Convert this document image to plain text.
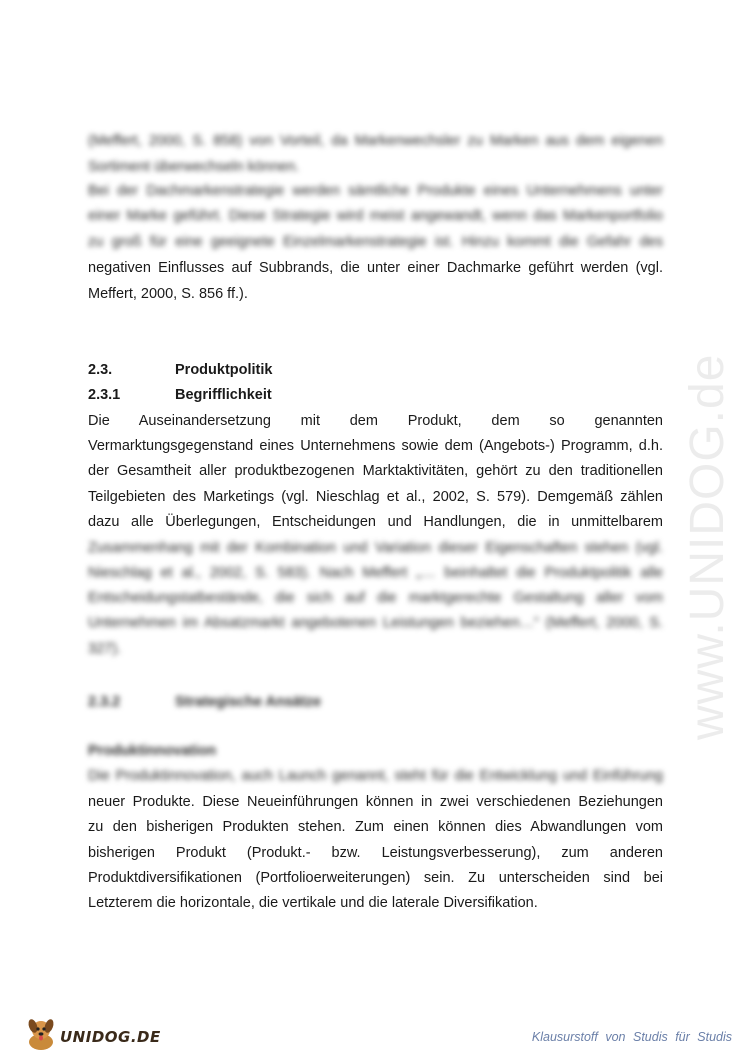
www.UNIDOG.de
(Meffert, 2000, S. 858) von Vorteil, da Markenwechsler zu Marken aus dem eigenen
Sortiment überwechseln können.
Bei der Dachmarkenstrategie werden sämtliche Produkte eines Unternehmens unter
einer Marke geführt. Diese Strategie wird meist angewandt, wenn das Markenportfolio
zu groß für eine geeignete Einzelmarkenstrategie ist. Hinzu kommt die Gefahr des
negativen Einflusses auf Subbrands, die unter einer Dachmarke geführt werden (vgl.
Meffert, 2000, S. 856 ff.).
2.3.	Produktpolitik
2.3.1	Begrifflichkeit
Die Auseinandersetzung mit dem Produkt, dem so genannten
Vermarktungsgegenstand eines Unternehmens sowie dem (Angebots-) Programm, d.h.
der Gesamtheit aller produktbezogenen Marktaktivitäten, gehört zu den traditionellen
Teilgebieten des Marketings (vgl. Nieschlag et al., 2002, S. 579). Demgemäß zählen
dazu alle Überlegungen, Entscheidungen und Handlungen, die in unmittelbarem
Zusammenhang mit der Kombination und Variation dieser Eigenschaften stehen (vgl.
Nieschlag et al., 2002, S. 583). Nach Meffert „… beinhaltet die Produktpolitik alle
Entscheidungstatbestände, die sich auf die marktgerechte Gestaltung aller vom
Unternehmen im Absatzmarkt angebotenen Leistungen beziehen…“ (Meffert, 2000, S.
327).
2.3.2	Strategische Ansätze
Produktinnovation
Die Produktinnovation, auch Launch genannt, steht für die Entwicklung und Einführung
neuer Produkte. Diese Neueinführungen können in zwei verschiedenen Beziehungen
zu den bisherigen Produkten stehen. Zum einen können dies Abwandlungen vom
bisherigen Produkt (Produkt.- bzw. Leistungsverbesserung), zum anderen
Produktdiversifikationen (Portfolioerweiterungen) sein. Zu unterscheiden sind bei
Letzterem die horizontale, die vertikale und die laterale Diversifikation.
UNIDOG.DE	Klausurstoff von Studis für Studis
